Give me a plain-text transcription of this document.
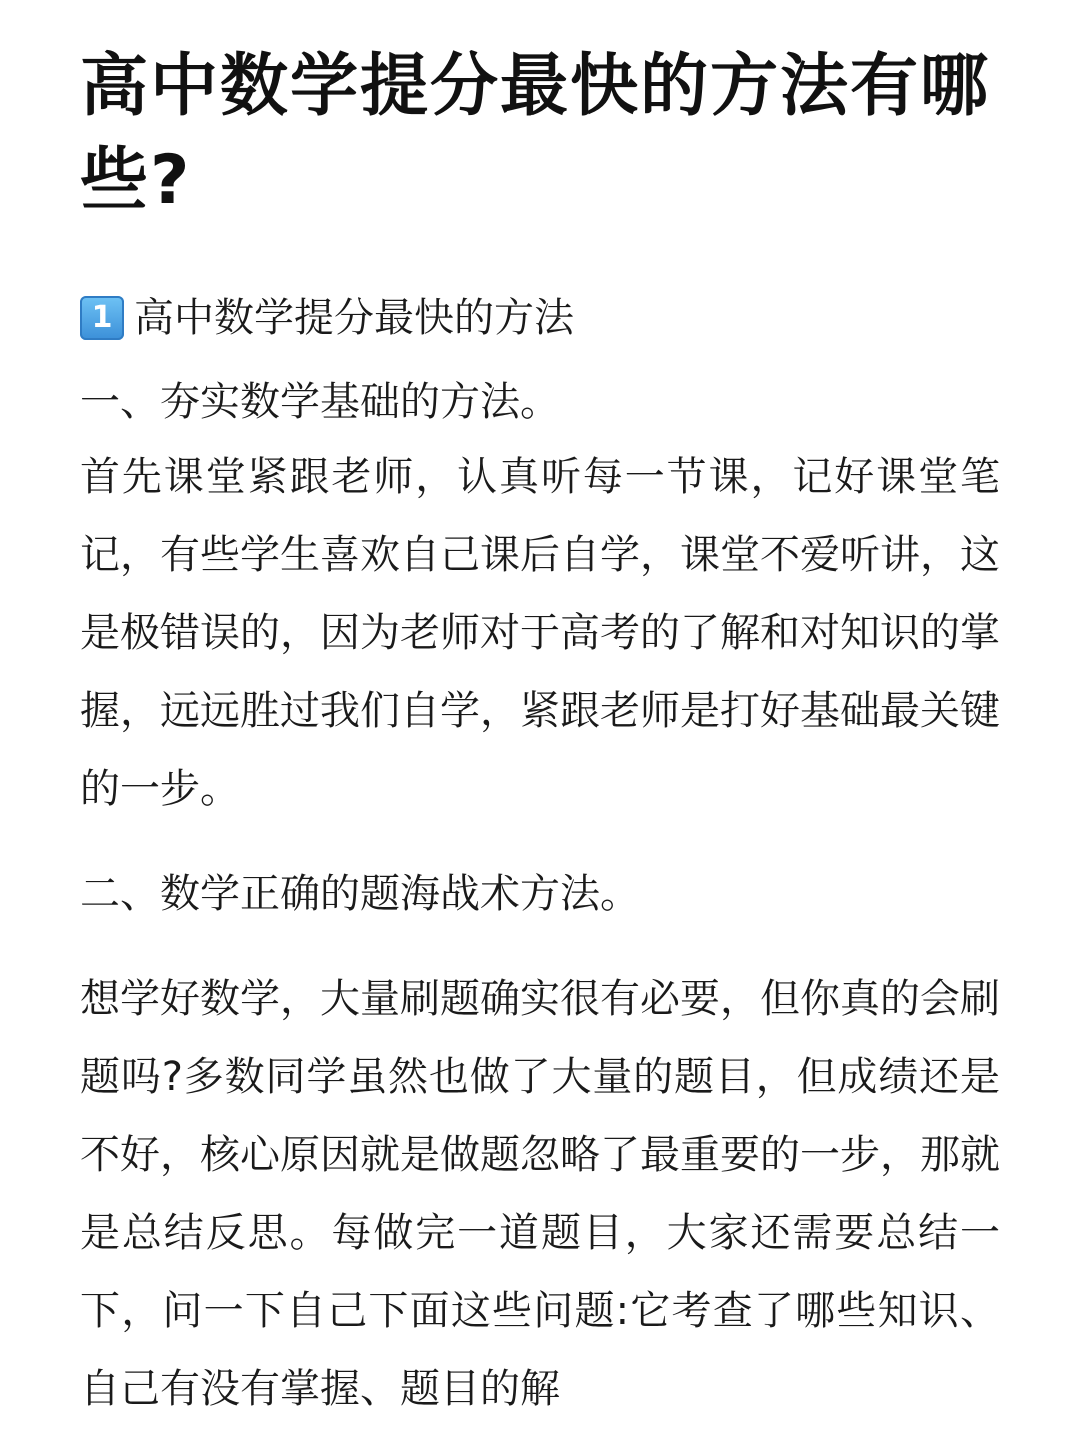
高中数学提分最快的方法有哪些?
1 高中数学提分最快的方法
一、夯实数学基础的方法。

首先课堂紧跟老师，认真听每一节课，记好课堂笔记，有些学生喜欢自己课后自学，课堂不爱听讲，这是极错误的，因为老师对于高考的了解和对知识的掌握，远远胜过我们自学，紧跟老师是打好基础最关键的一步。

二、数学正确的题海战术方法。

想学好数学，大量刷题确实很有必要，但你真的会刷题吗?多数同学虽然也做了大量的题目，但成绩还是不好，核心原因就是做题忽略了最重要的一步，那就是总结反思。每做完一道题目，大家还需要总结一下，问一下自己下面这些问题:它考查了哪些知识、自己有没有掌握、题目的解
